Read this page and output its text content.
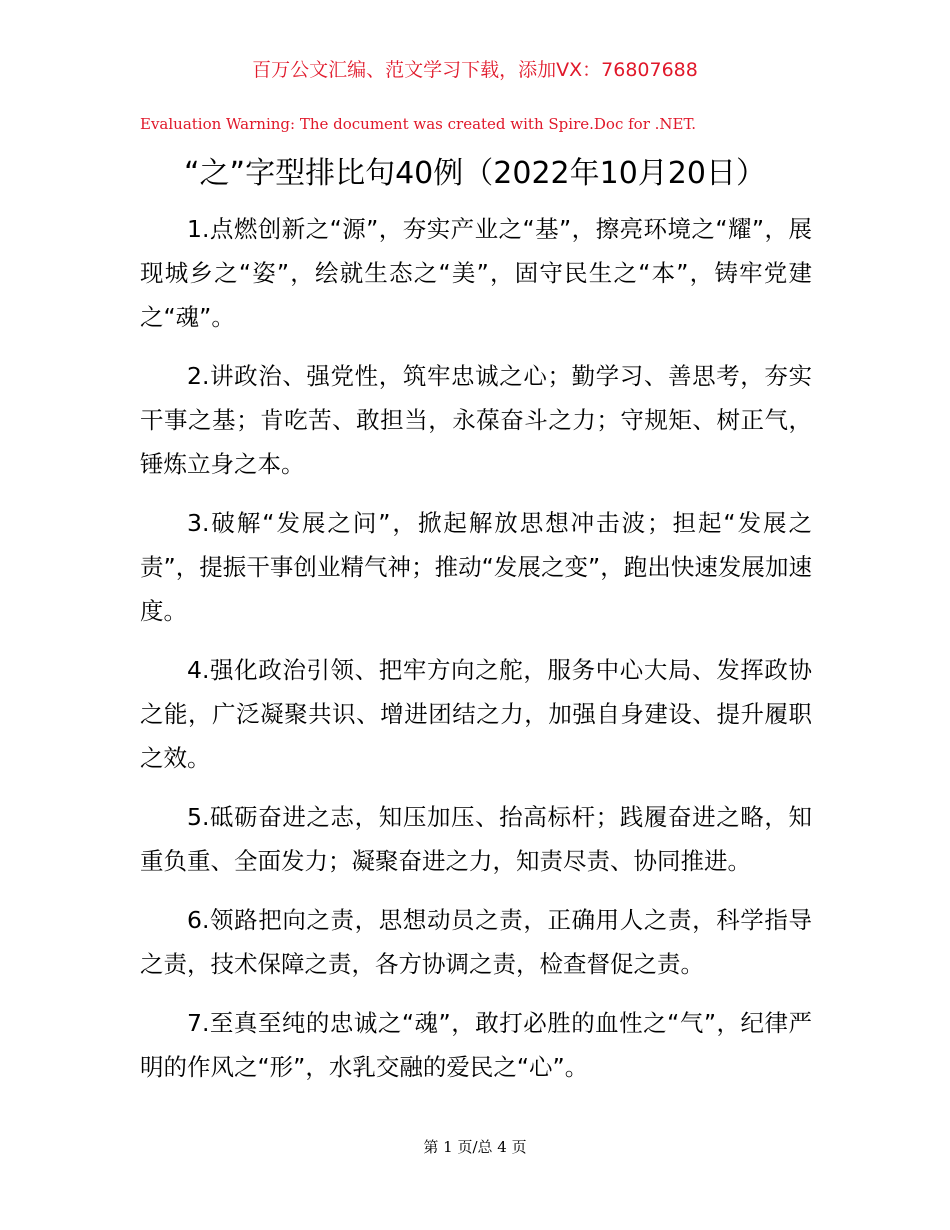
百万公文汇编、范文学习下载，添加VX：76807688
Evaluation Warning: The document was created with Spire.Doc for .NET.
“之”字型排比句40例（2022年10月20日）

1.点燃创新之“源”，夯实产业之“基”，擦亮环境之“耀”，展现城乡之“姿”，绘就生态之“美”，固守民生之“本”，铸牢党建之“魂”。

2.讲政治、强党性，筑牢忠诚之心；勤学习、善思考，夯实干事之基；肯吃苦、敢担当，永葆奋斗之力；守规矩、树正气，锤炼立身之本。

3.破解“发展之问”，掀起解放思想冲击波；担起“发展之责”，提振干事创业精气神；推动“发展之变”，跑出快速发展加速度。

4.强化政治引领、把牢方向之舵，服务中心大局、发挥政协之能，广泛凝聚共识、增进团结之力，加强自身建设、提升履职之效。

5.砥砺奋进之志，知压加压、抬高标杆；践履奋进之略，知重负重、全面发力；凝聚奋进之力，知责尽责、协同推进。

6.领路把向之责，思想动员之责，正确用人之责，科学指导之责，技术保障之责，各方协调之责，检查督促之责。

7.至真至纯的忠诚之“魂”，敢打必胜的血性之“气”，纪律严明的作风之“形”，水乳交融的爱民之“心”。

第 1 页/总 4 页
